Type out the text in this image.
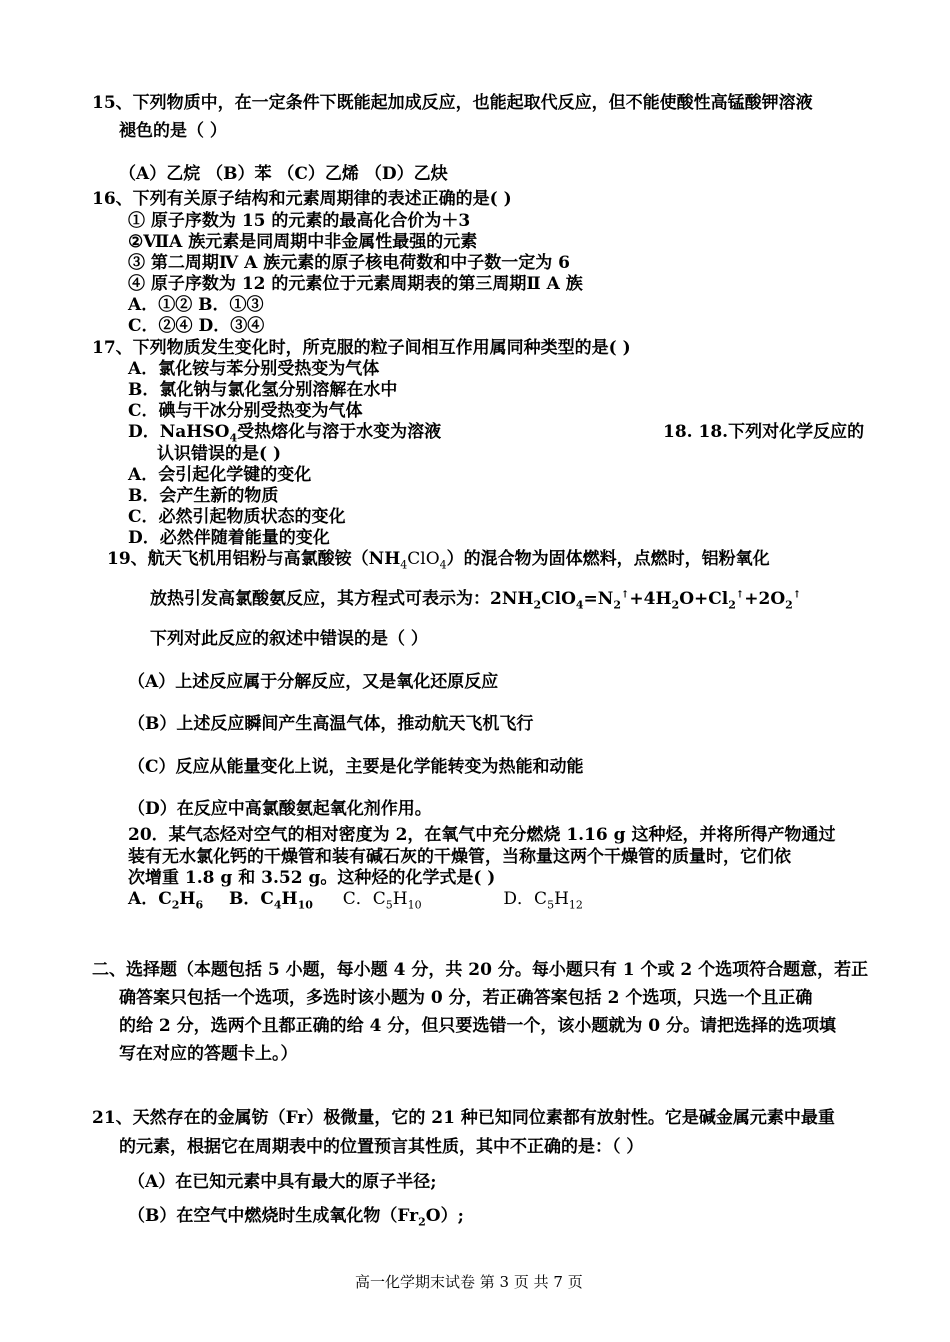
15、下列物质中，在一定条件下既能起加成反应，也能起取代反应，但不能使酸性高锰酸钾溶液
褪色的是（ ）
（A）乙烷 （B）苯 （C）乙烯 （D）乙炔
16、下列有关原子结构和元素周期律的表述正确的是( )
① 原子序数为 15 的元素的最高化合价为＋3
②ⅦA 族元素是同周期中非金属性最强的元素
③ 第二周期Ⅳ A 族元素的原子核电荷数和中子数一定为 6
④ 原子序数为 12 的元素位于元素周期表的第三周期Ⅱ A 族
A．①② B．①③
C．②④ D．③④
17、下列物质发生变化时，所克服的粒子间相互作用属同种类型的是( )
A．氯化铵与苯分别受热变为气体
B．氯化钠与氯化氢分别溶解在水中
C．碘与干冰分别受热变为气体
D．NaHSO$_4$受热熔化与溶于水变为溶液	18. 18.下列对化学反应的
认识错误的是( )
A．会引起化学键的变化
B．会产生新的物质
C．必然引起物质状态的变化
D．必然伴随着能量的变化
19、航天飞机用铝粉与高氯酸铵$(NH_4ClO_4)$的混合物为固体燃料，点燃时，铝粉氧化
放热引发高氯酸氨反应，其方程式可表示为：$2NH_2ClO_4=N_2^↑+4H_2O+Cl_2^↑+2O_2^↑$
下列对此反应的叙述中错误的是（ ）
（A）上述反应属于分解反应，又是氧化还原反应
（B）上述反应瞬间产生高温气体，推动航天飞机飞行
（C）反应从能量变化上说，主要是化学能转变为热能和动能
（D）在反应中高氯酸氨起氧化剂作用。
20．某气态烃对空气的相对密度为 2，在氧气中充分燃烧 1.16 g 这种烃，并将所得产物通过
装有无水氯化钙的干燥管和装有碱石灰的干燥管，当称量这两个干燥管的质量时，它们依
次增重 1.8 g 和 3.52 g。这种烃的化学式是( )
A．$C_2H_6$ B．$C_4H_{10}$ C．$C_5H_{10}$	D．$C_5H_{12}$
二、选择题（本题包括 5 小题，每小题 4 分，共 20 分。每小题只有 1 个或 2 个选项符合题意，若正
确答案只包括一个选项，多选时该小题为 0 分，若正确答案包括 2 个选项，只选一个且正确
的给 2 分，选两个且都正确的给 4 分，但只要选错一个，该小题就为 0 分。请把选择的选项填
写在对应的答题卡上。）
21、天然存在的金属钫（Fr）极微量，它的 21 种已知同位素都有放射性。它是碱金属元素中最重
的元素，根据它在周期表中的位置预言其性质，其中不正确的是：（ ）
（A）在已知元素中具有最大的原子半径;
（B）在空气中燃烧时生成氧化物$(Fr_2O)$;
高一化学期末试卷 第 3 页 共 7 页
